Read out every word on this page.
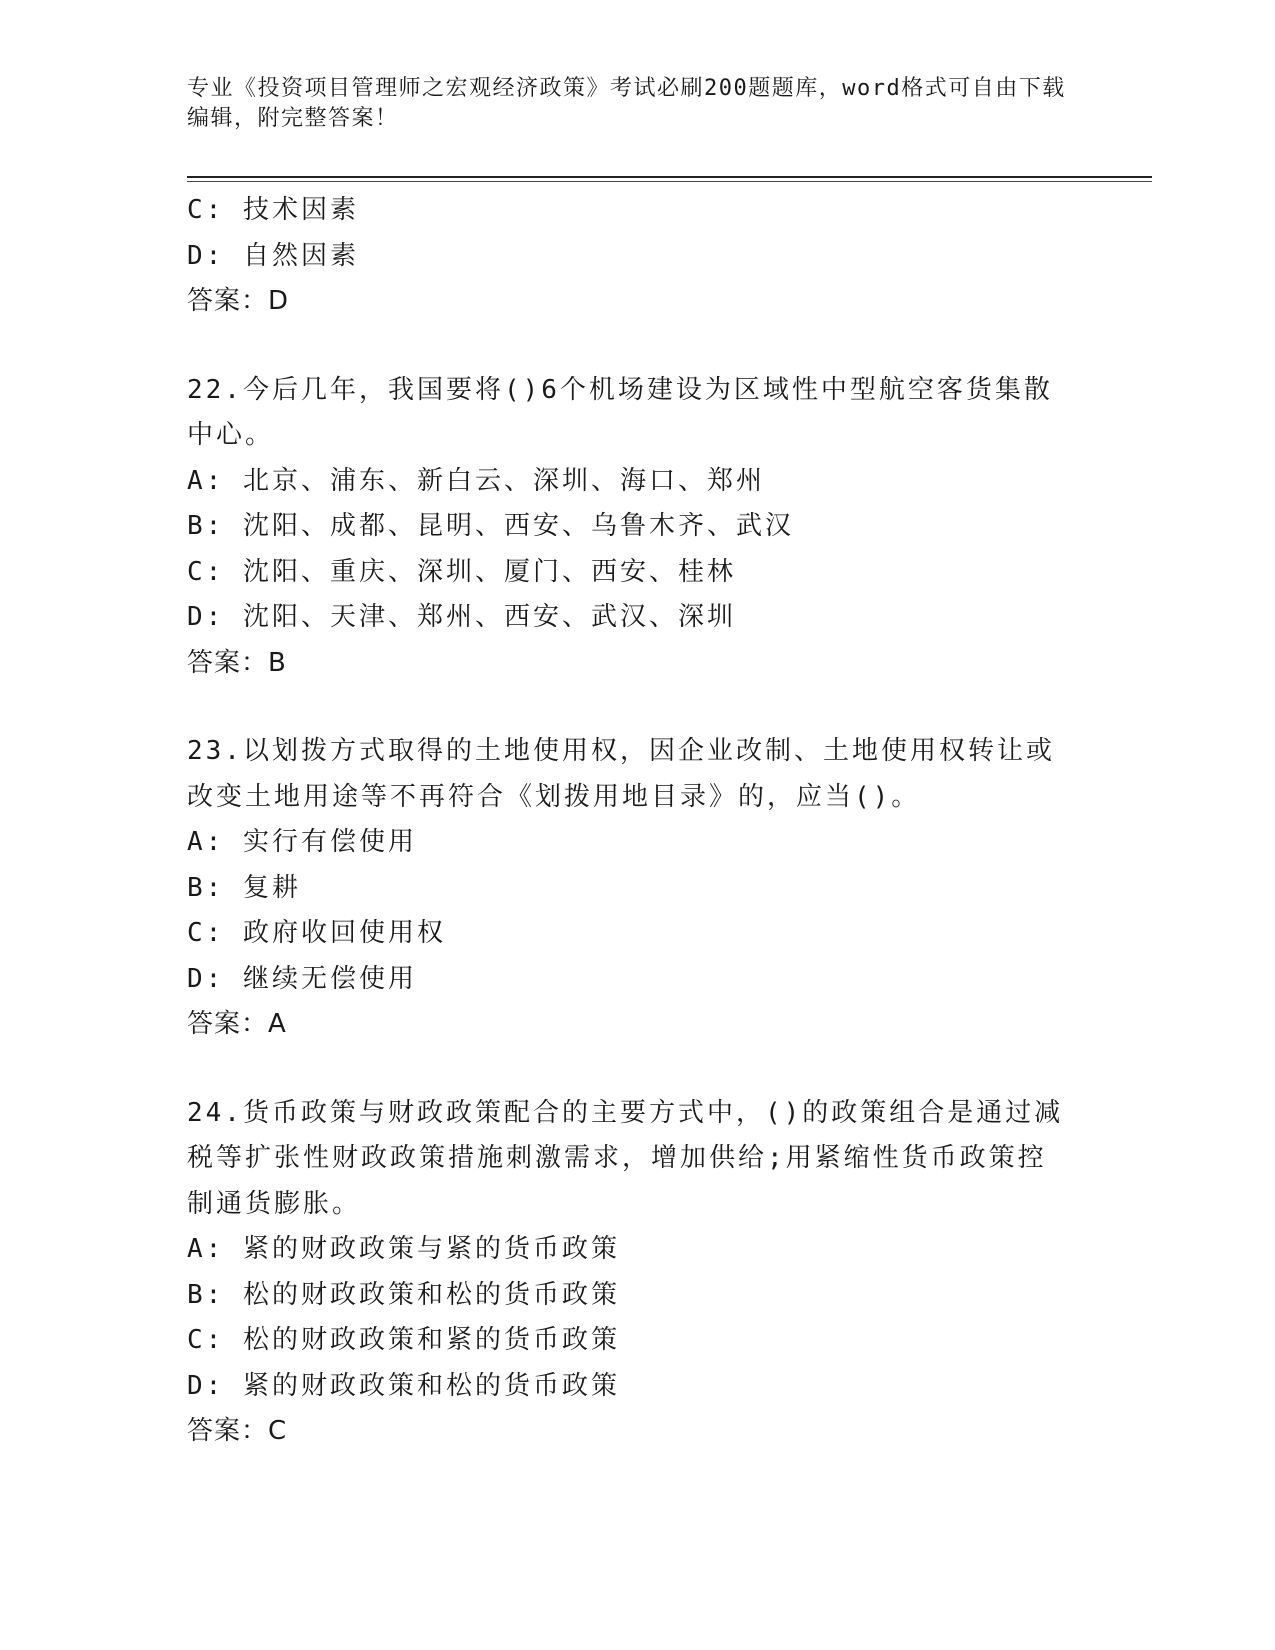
专业《投资项目管理师之宏观经济政策》考试必刷200题题库，word格式可自由下载编辑，附完整答案！
C: 技术因素
D: 自然因素
答案：D
22.今后几年，我国要将()6个机场建设为区域性中型航空客货集散中心。
A: 北京、浦东、新白云、深圳、海口、郑州
B: 沈阳、成都、昆明、西安、乌鲁木齐、武汉
C: 沈阳、重庆、深圳、厦门、西安、桂林
D: 沈阳、天津、郑州、西安、武汉、深圳
答案：B
23.以划拨方式取得的土地使用权，因企业改制、土地使用权转让或改变土地用途等不再符合《划拨用地目录》的，应当()。
A: 实行有偿使用
B: 复耕
C: 政府收回使用权
D: 继续无偿使用
答案：A
24.货币政策与财政政策配合的主要方式中，()的政策组合是通过减税等扩张性财政政策措施刺激需求，增加供给;用紧缩性货币政策控制通货膨胀。
A: 紧的财政政策与紧的货币政策
B: 松的财政政策和松的货币政策
C: 松的财政政策和紧的货币政策
D: 紧的财政政策和松的货币政策
答案：C
